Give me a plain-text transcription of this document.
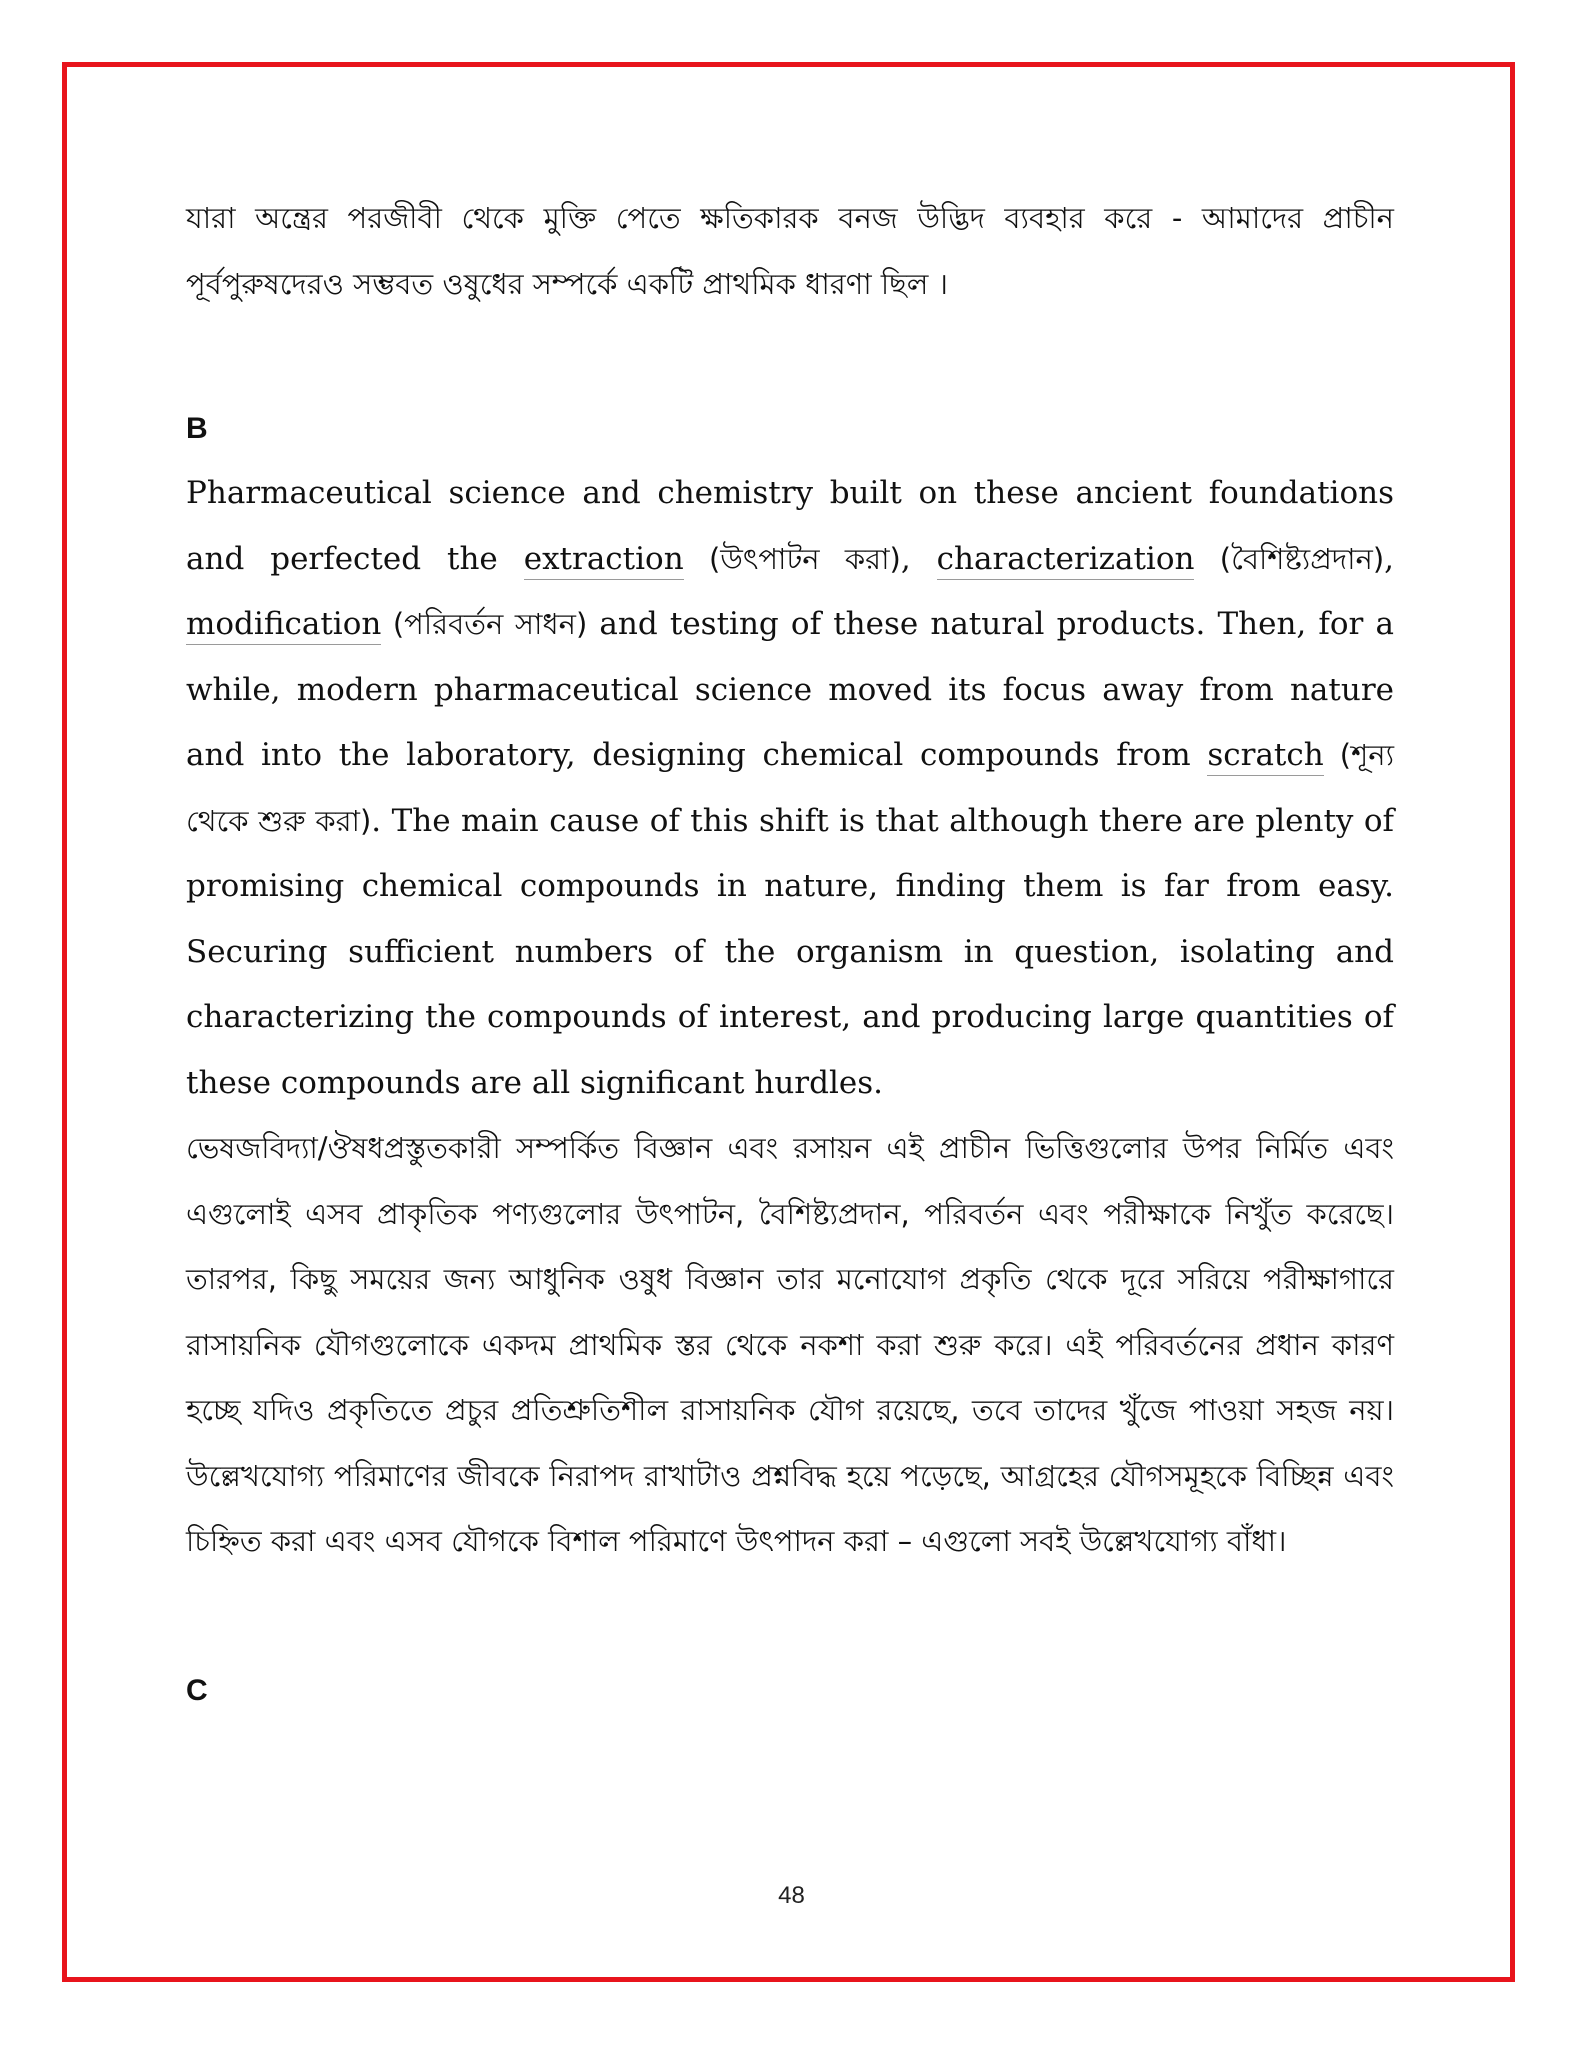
যারা অন্ত্রের পরজীবী থেকে মুক্তি পেতে ক্ষতিকারক বনজ উদ্ভিদ ব্যবহার করে - আমাদের প্রাচীন পূর্বপুরুষদেরও সম্ভবত ওষুধের সম্পর্কে একটি প্রাথমিক ধারণা ছিল ।

B

Pharmaceutical science and chemistry built on these ancient foundations and perfected the extraction (উৎপাটন করা), characterization (বৈশিষ্ট্যপ্রদান), modification (পরিবর্তন সাধন) and testing of these natural products. Then, for a while, modern pharmaceutical science moved its focus away from nature and into the laboratory, designing chemical compounds from scratch (শূন্য থেকে শুরু করা). The main cause of this shift is that although there are plenty of promising chemical compounds in nature, finding them is far from easy. Securing sufficient numbers of the organism in question, isolating and characterizing the compounds of interest, and producing large quantities of these compounds are all significant hurdles.

ভেষজবিদ্যা/ঔষধপ্রস্তুতকারী সম্পর্কিত বিজ্ঞান এবং রসায়ন এই প্রাচীন ভিত্তিগুলোর উপর নির্মিত এবং এগুলোই এসব প্রাকৃতিক পণ্যগুলোর উৎপাটন, বৈশিষ্ট্যপ্রদান, পরিবর্তন এবং পরীক্ষাকে নিখুঁত করেছে। তারপর, কিছু সময়ের জন্য আধুনিক ওষুধ বিজ্ঞান তার মনোযোগ প্রকৃতি থেকে দূরে সরিয়ে পরীক্ষাগারে রাসায়নিক যৌগগুলোকে একদম প্রাথমিক স্তর থেকে নকশা করা শুরু করে। এই পরিবর্তনের প্রধান কারণ হচ্ছে যদিও প্রকৃতিতে প্রচুর প্রতিশ্রুতিশীল রাসায়নিক যৌগ রয়েছে, তবে তাদের খুঁজে পাওয়া সহজ নয়। উল্লেখযোগ্য পরিমাণের জীবকে নিরাপদ রাখাটাও প্রশ্নবিদ্ধ হয়ে পড়েছে, আগ্রহের যৌগসমূহকে বিচ্ছিন্ন এবং চিহ্নিত করা এবং এসব যৌগকে বিশাল পরিমাণে উৎপাদন করা – এগুলো সবই উল্লেখযোগ্য বাঁধা।

C
48
